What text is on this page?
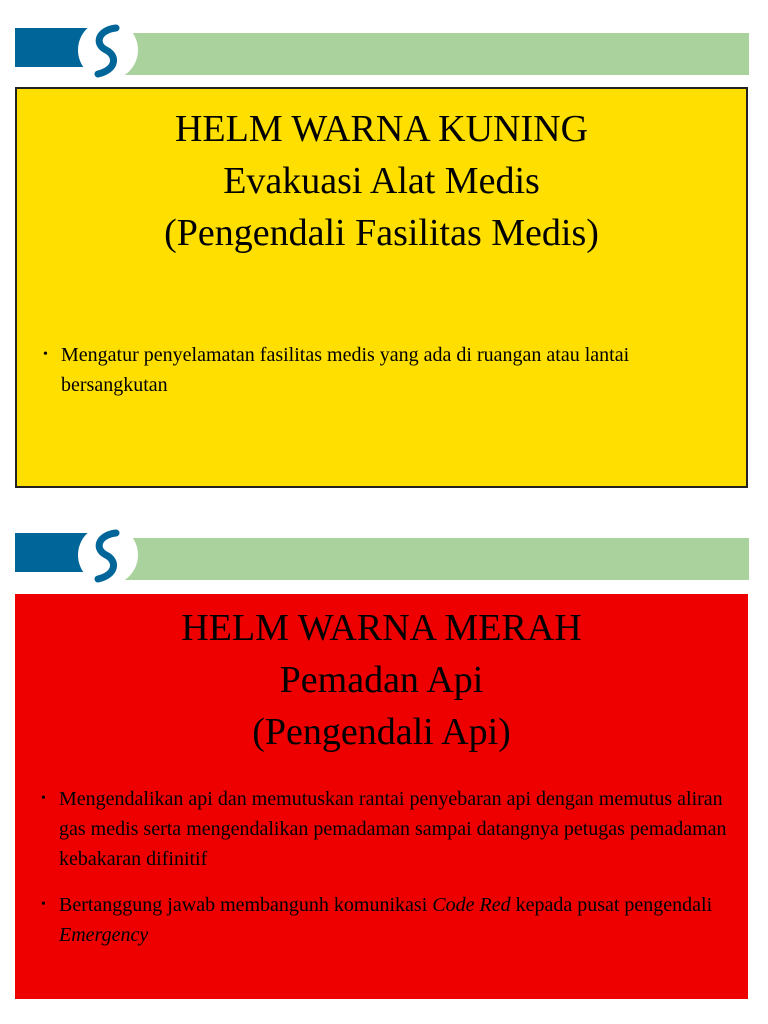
HELM WARNA KUNING
Evakuasi Alat Medis
(Pengendali Fasilitas Medis)
• Mengatur penyelamatan fasilitas medis yang ada di ruangan atau lantai bersangkutan
HELM WARNA MERAH
Pemadan Api
(Pengendali Api)
• Mengendalikan api dan memutuskan rantai penyebaran api dengan memutus aliran gas medis serta mengendalikan pemadaman sampai datangnya petugas pemadaman kebakaran difinitif
• Bertanggung jawab membangunh komunikasi Code Red kepada pusat pengendali Emergency
